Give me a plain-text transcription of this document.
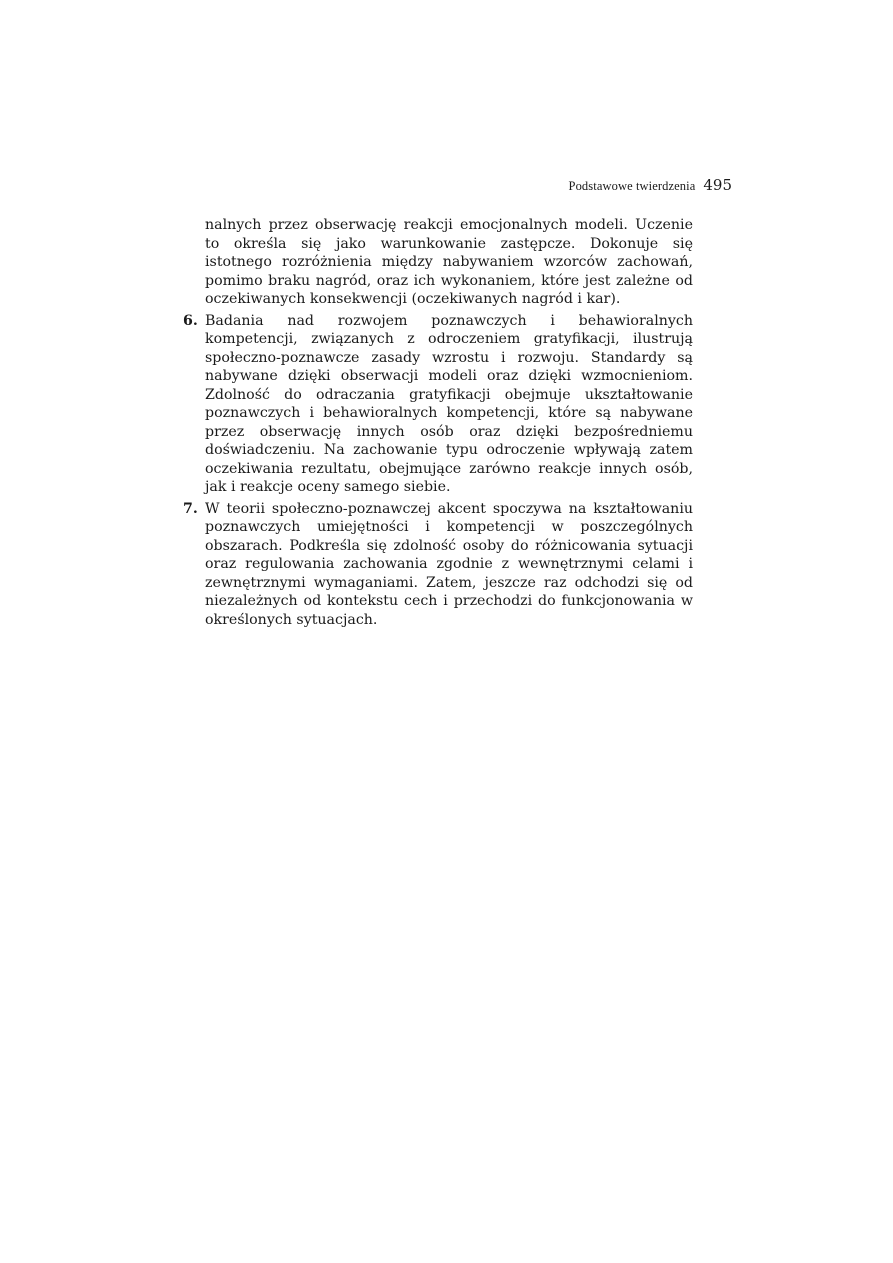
Podstawowe twierdzenia 495

nalnych przez obserwację reakcji emocjonalnych modeli. Uczenie to określa się jako warunkowanie zastępcze. Dokonuje się istotnego rozróżnienia między nabywaniem wzorców zachowań, pomimo braku nagród, oraz ich wykonaniem, które jest zależne od oczekiwanych konsekwencji (oczekiwanych nagród i kar).

6. Badania nad rozwojem poznawczych i behawioralnych kompetencji, związanych z odroczeniem gratyfikacji, ilustrują społeczno-poznawcze zasady wzrostu i rozwoju. Standardy są nabywane dzięki obserwacji modeli oraz dzięki wzmocnieniom. Zdolność do odraczania gratyfikacji obejmuje ukształtowanie poznawczych i behawioralnych kompetencji, które są nabywane przez obserwację innych osób oraz dzięki bezpośredniemu doświadczeniu. Na zachowanie typu odroczenie wpływają zatem oczekiwania rezultatu, obejmujące zarówno reakcje innych osób, jak i reakcje oceny samego siebie.

7. W teorii społeczno-poznawczej akcent spoczywa na kształtowaniu poznawczych umiejętności i kompetencji w poszczególnych obszarach. Podkreśla się zdolność osoby do różnicowania sytuacji oraz regulowania zachowania zgodnie z wewnętrznymi celami i zewnętrznymi wymaganiami. Zatem, jeszcze raz odchodzi się od niezależnych od kontekstu cech i przechodzi do funkcjonowania w określonych sytuacjach.
